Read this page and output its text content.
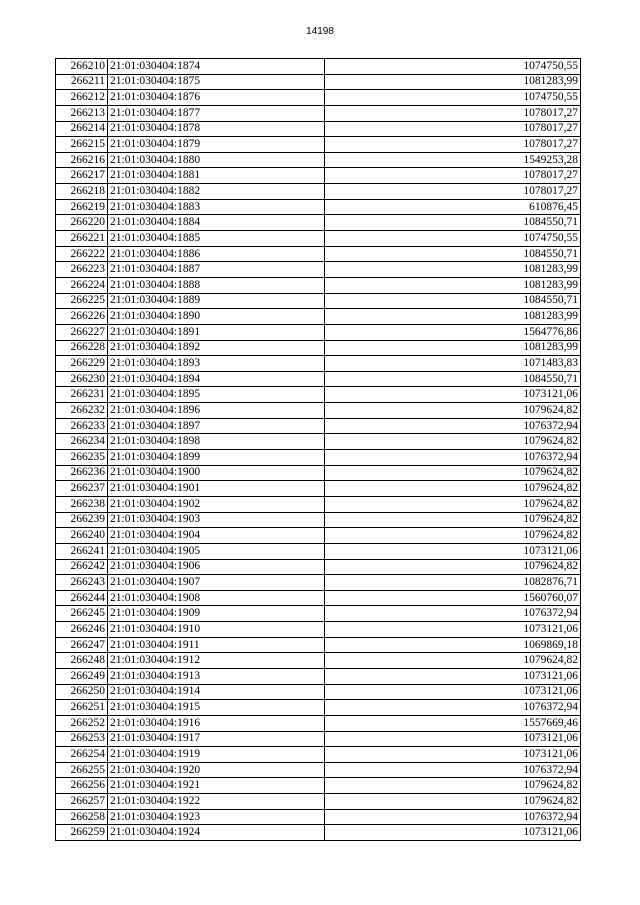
14198
266210	21:01:030404:1874	1074750,55
266211	21:01:030404:1875	1081283,99
266212	21:01:030404:1876	1074750,55
266213	21:01:030404:1877	1078017,27
266214	21:01:030404:1878	1078017,27
266215	21:01:030404:1879	1078017,27
266216	21:01:030404:1880	1549253,28
266217	21:01:030404:1881	1078017,27
266218	21:01:030404:1882	1078017,27
266219	21:01:030404:1883	610876,45
266220	21:01:030404:1884	1084550,71
266221	21:01:030404:1885	1074750,55
266222	21:01:030404:1886	1084550,71
266223	21:01:030404:1887	1081283,99
266224	21:01:030404:1888	1081283,99
266225	21:01:030404:1889	1084550,71
266226	21:01:030404:1890	1081283,99
266227	21:01:030404:1891	1564776,86
266228	21:01:030404:1892	1081283,99
266229	21:01:030404:1893	1071483,83
266230	21:01:030404:1894	1084550,71
266231	21:01:030404:1895	1073121,06
266232	21:01:030404:1896	1079624,82
266233	21:01:030404:1897	1076372,94
266234	21:01:030404:1898	1079624,82
266235	21:01:030404:1899	1076372,94
266236	21:01:030404:1900	1079624,82
266237	21:01:030404:1901	1079624,82
266238	21:01:030404:1902	1079624,82
266239	21:01:030404:1903	1079624,82
266240	21:01:030404:1904	1079624,82
266241	21:01:030404:1905	1073121,06
266242	21:01:030404:1906	1079624,82
266243	21:01:030404:1907	1082876,71
266244	21:01:030404:1908	1560760,07
266245	21:01:030404:1909	1076372,94
266246	21:01:030404:1910	1073121,06
266247	21:01:030404:1911	1069869,18
266248	21:01:030404:1912	1079624,82
266249	21:01:030404:1913	1073121,06
266250	21:01:030404:1914	1073121,06
266251	21:01:030404:1915	1076372,94
266252	21:01:030404:1916	1557669,46
266253	21:01:030404:1917	1073121,06
266254	21:01:030404:1919	1073121,06
266255	21:01:030404:1920	1076372,94
266256	21:01:030404:1921	1079624,82
266257	21:01:030404:1922	1079624,82
266258	21:01:030404:1923	1076372,94
266259	21:01:030404:1924	1073121,06
